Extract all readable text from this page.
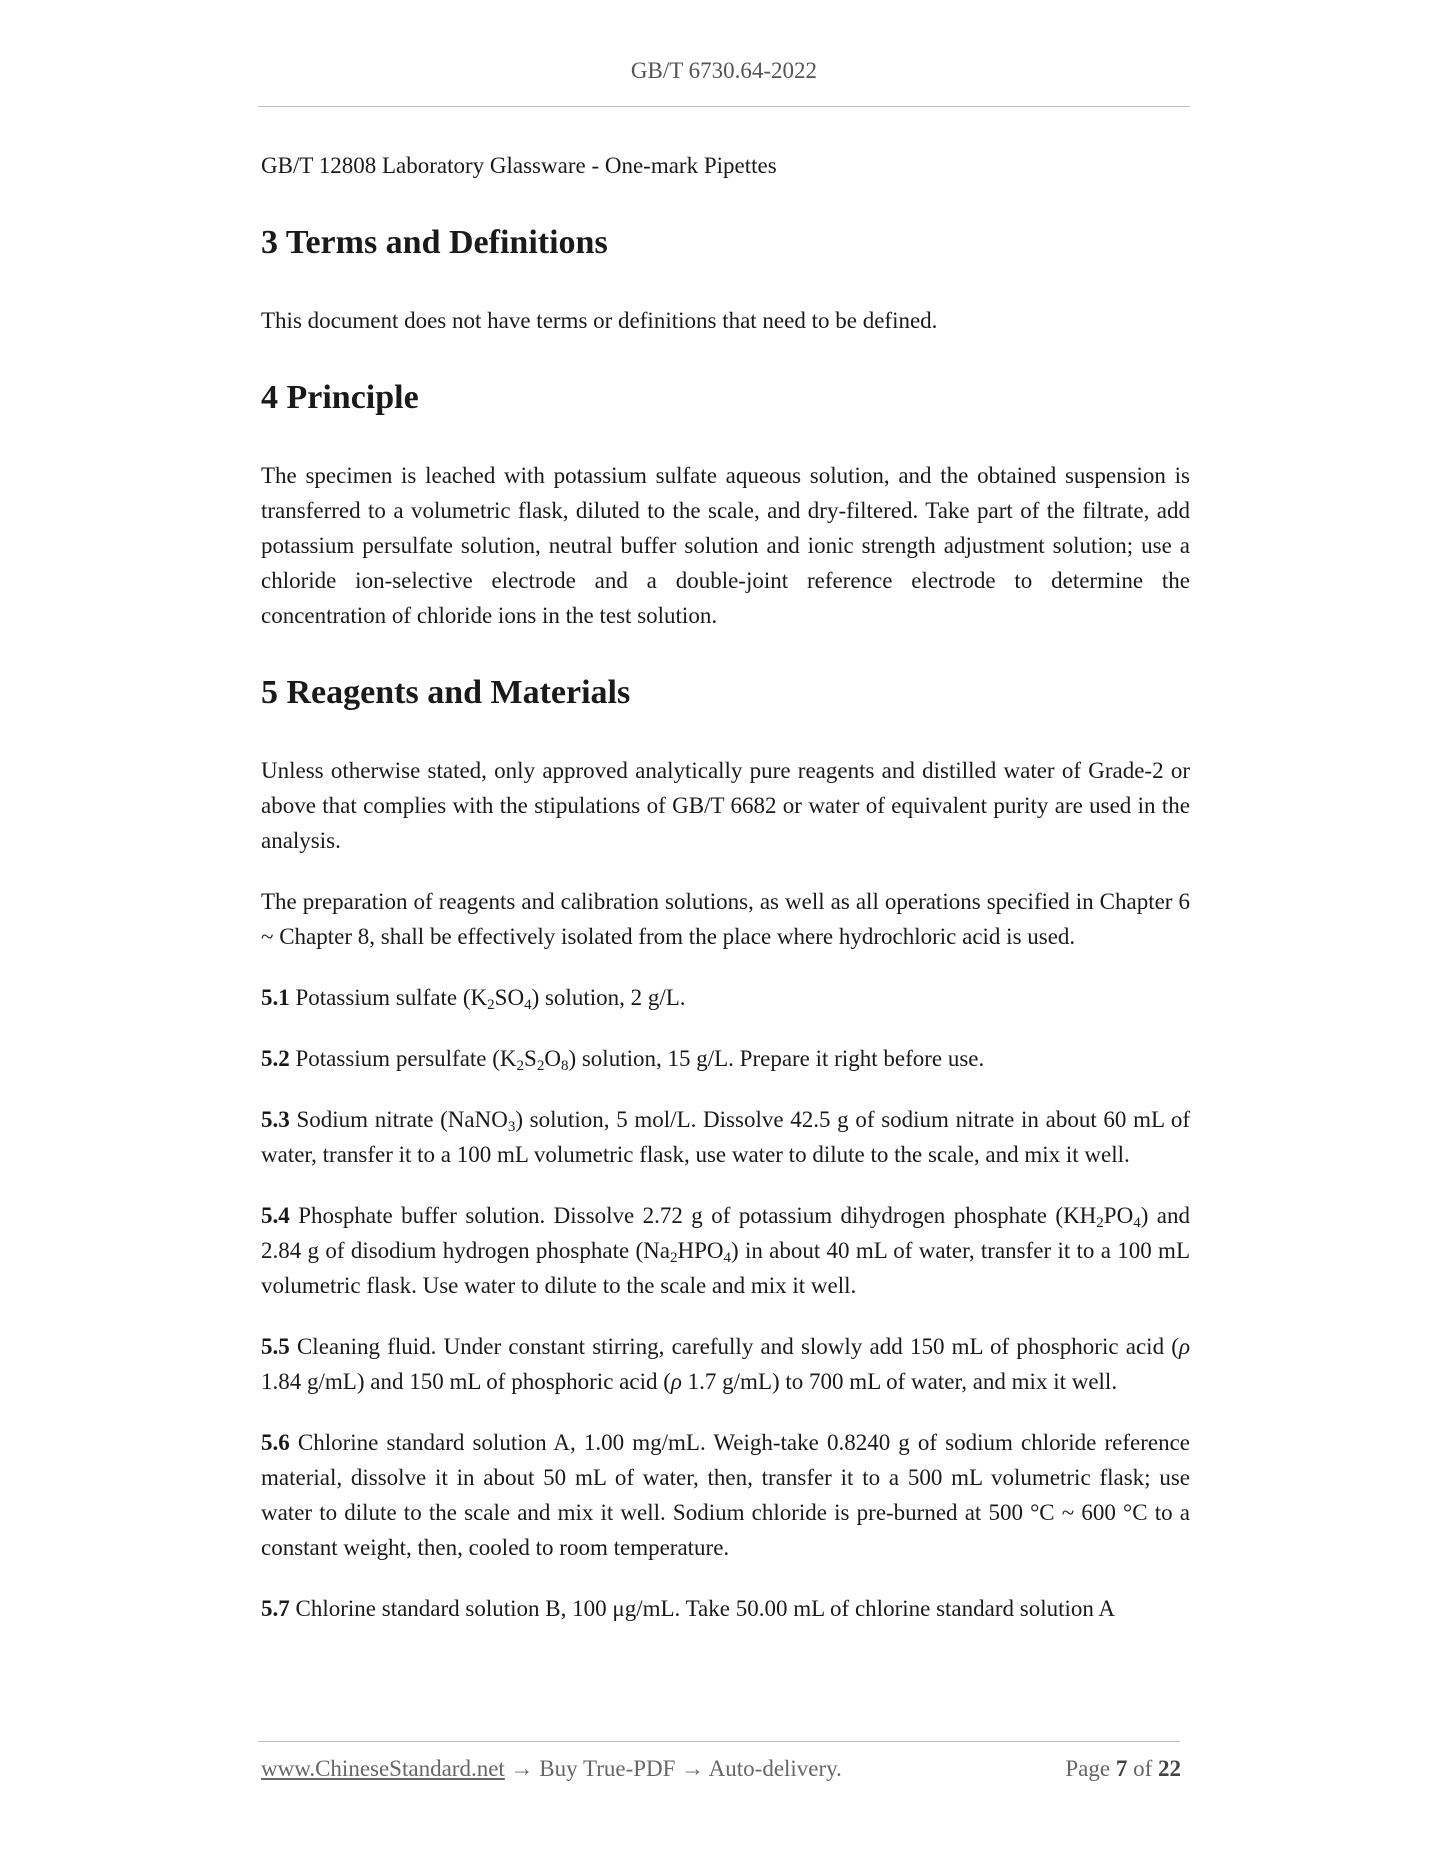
GB/T 6730.64-2022

GB/T 12808 Laboratory Glassware - One-mark Pipettes

3 Terms and Definitions

This document does not have terms or definitions that need to be defined.

4 Principle

The specimen is leached with potassium sulfate aqueous solution, and the obtained suspension is transferred to a volumetric flask, diluted to the scale, and dry-filtered. Take part of the filtrate, add potassium persulfate solution, neutral buffer solution and ionic strength adjustment solution; use a chloride ion-selective electrode and a double-joint reference electrode to determine the concentration of chloride ions in the test solution.

5 Reagents and Materials

Unless otherwise stated, only approved analytically pure reagents and distilled water of Grade-2 or above that complies with the stipulations of GB/T 6682 or water of equivalent purity are used in the analysis.

The preparation of reagents and calibration solutions, as well as all operations specified in Chapter 6 ~ Chapter 8, shall be effectively isolated from the place where hydrochloric acid is used.

5.1 Potassium sulfate $(K_2SO_4)$ solution, 2 g/L.

5.2 Potassium persulfate $(K_2S_2O_8)$ solution, 15 g/L. Prepare it right before use.

5.3 Sodium nitrate (NaNO$_3$) solution, 5 mol/L. Dissolve 42.5 g of sodium nitrate in about 60 mL of water, transfer it to a 100 mL volumetric flask, use water to dilute to the scale, and mix it well.

5.4 Phosphate buffer solution. Dissolve 2.72 g of potassium dihydrogen phosphate $(KH_2PO_4)$ and 2.84 g of disodium hydrogen phosphate $(Na_2HPO_4)$ in about 40 mL of water, transfer it to a 100 mL volumetric flask. Use water to dilute to the scale and mix it well.

5.5 Cleaning fluid. Under constant stirring, carefully and slowly add 150 mL of phosphoric acid (ρ 1.84 g/mL) and 150 mL of phosphoric acid (ρ 1.7 g/mL) to 700 mL of water, and mix it well.

5.6 Chlorine standard solution A, 1.00 mg/mL. Weigh-take 0.8240 g of sodium chloride reference material, dissolve it in about 50 mL of water, then, transfer it to a 500 mL volumetric flask; use water to dilute to the scale and mix it well. Sodium chloride is pre-burned at 500 °C ~ 600 °C to a constant weight, then, cooled to room temperature.

5.7 Chlorine standard solution B, 100 μg/mL. Take 50.00 mL of chlorine standard solution A

www.ChineseStandard.net → Buy True-PDF → Auto-delivery.	Page 7 of 22
